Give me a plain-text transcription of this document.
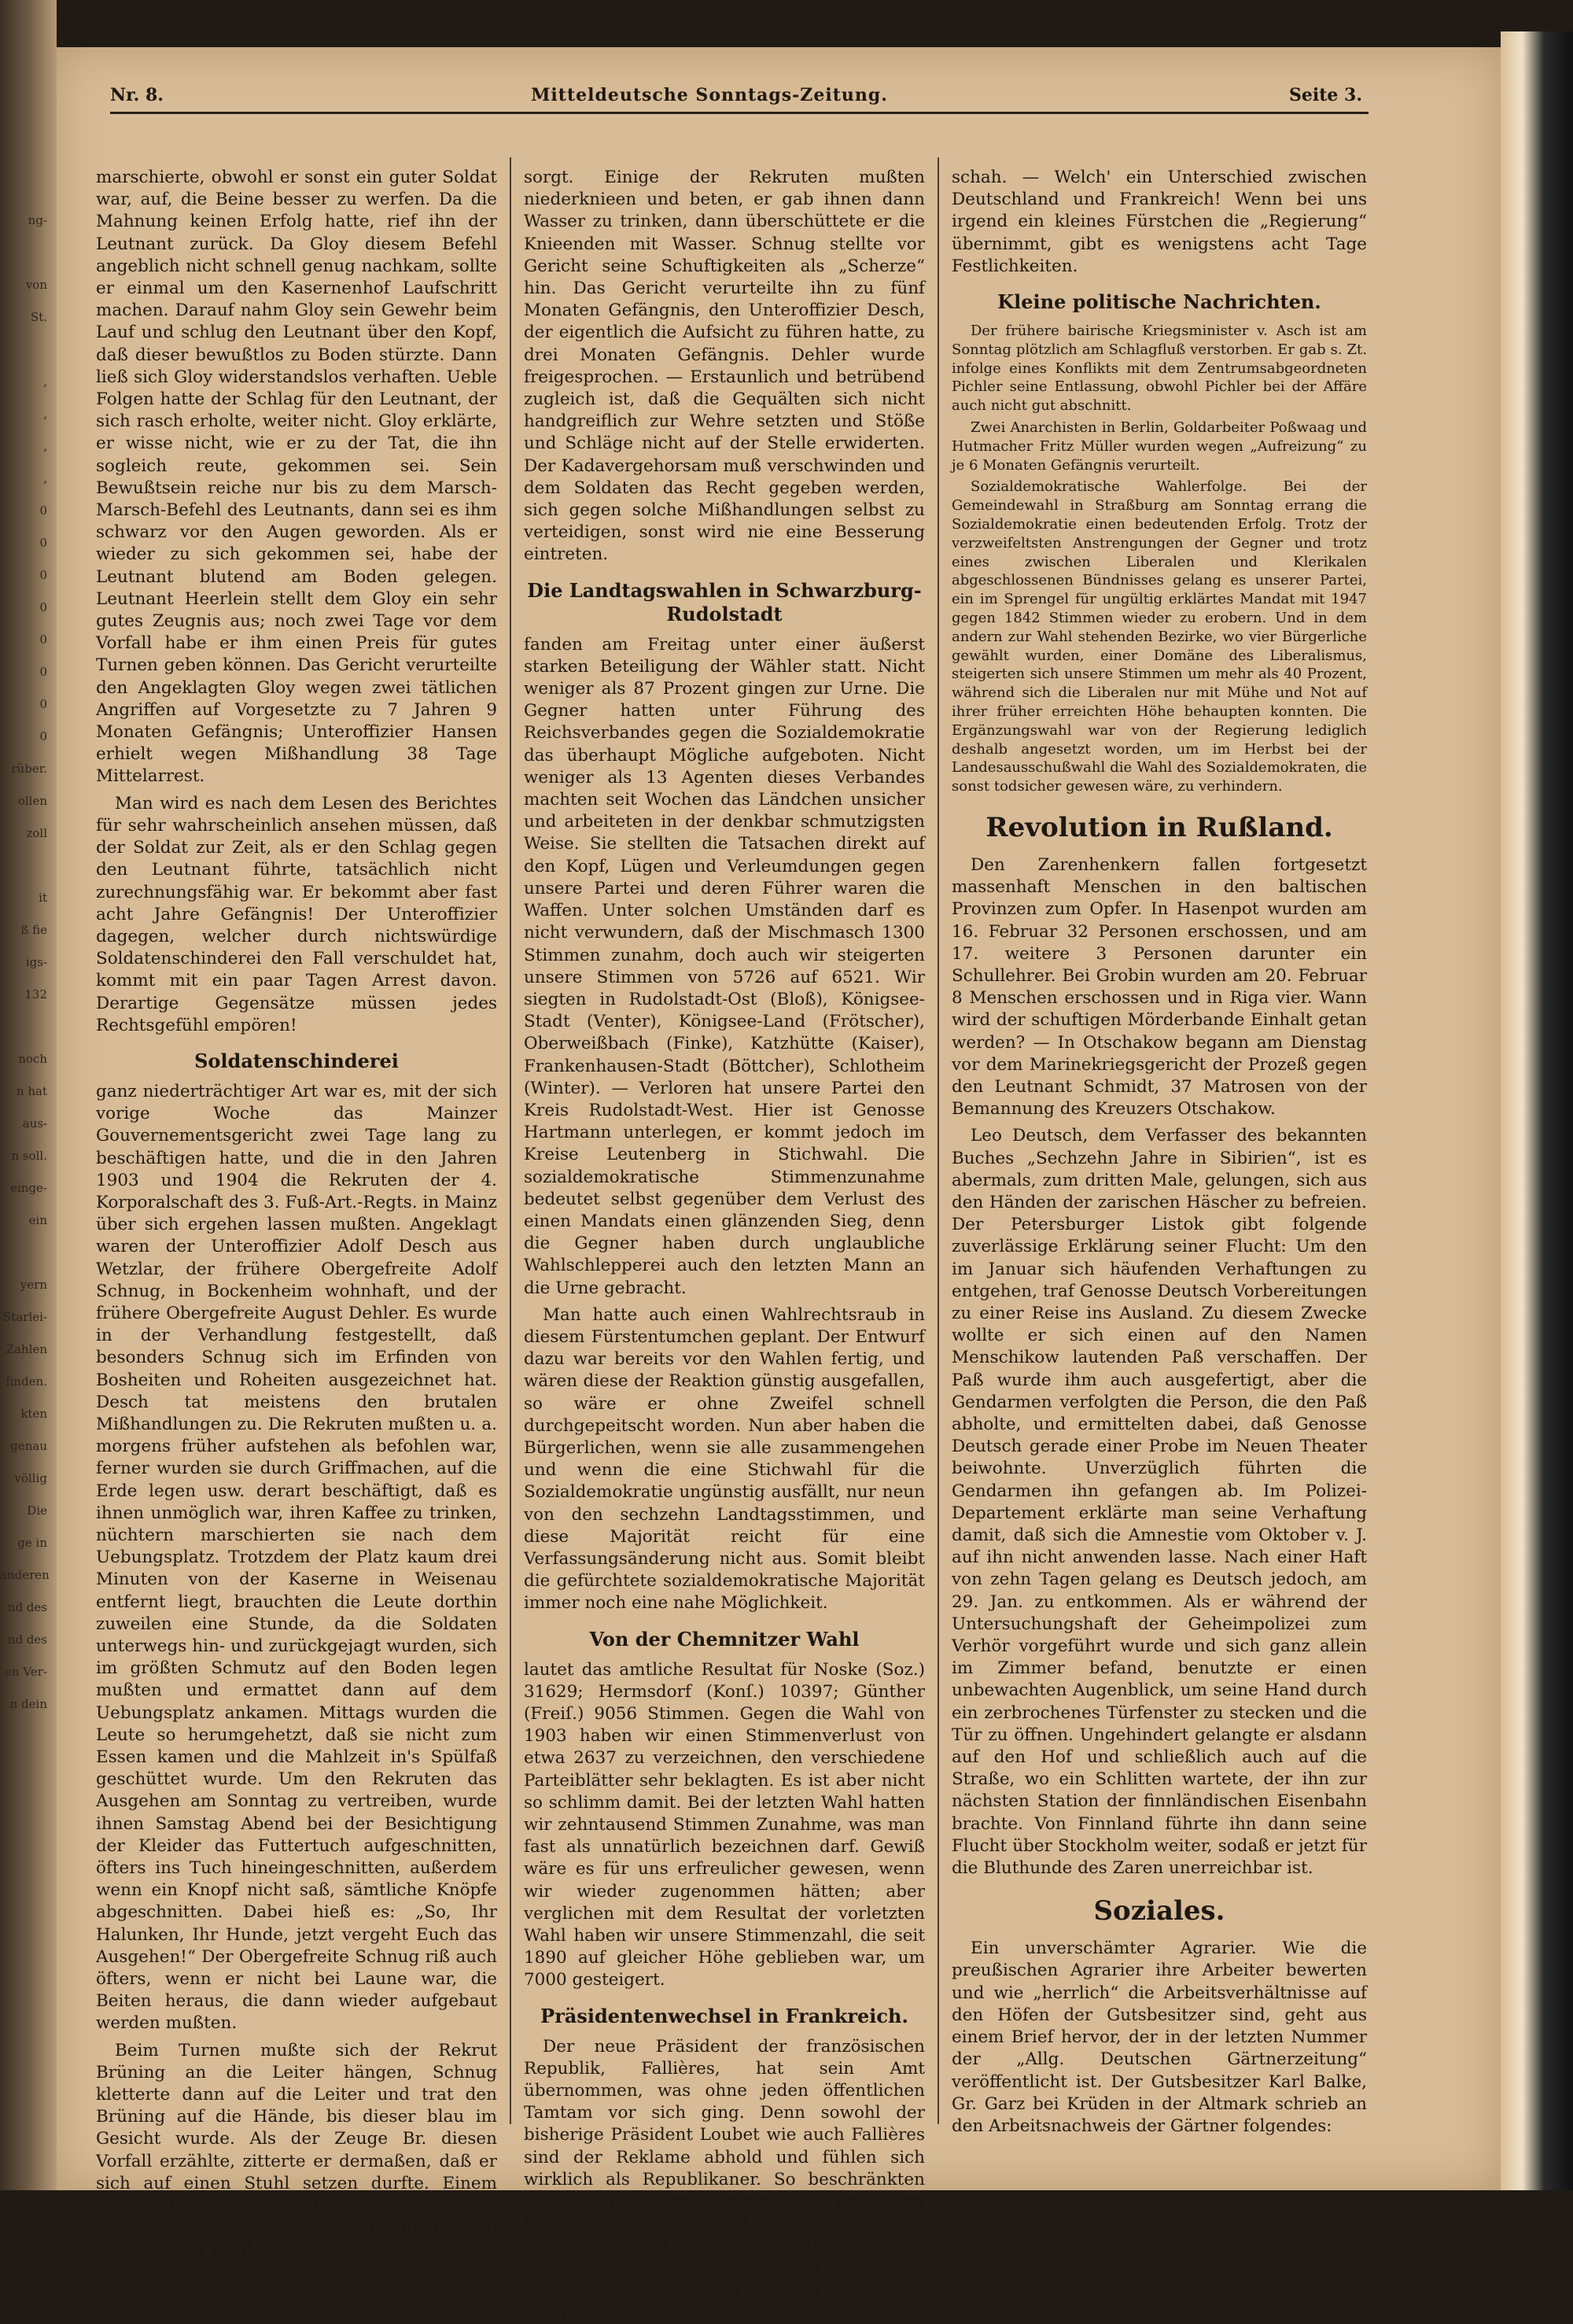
ng-

von
St.

,
,
,
,
0
0
0
0
0
0
0
0
rüber.
ollen
zoll

it
ß fie
igs-
132

noch
n hat
aus-
n soll.
einge-
ein

yern
Starlei-
Zahlen
finden.
kten
genau
völlig
Die
ge in
anderen
nd des
nd des
en Ver-
n dein
Nr. 8.	Mitteldeutsche Sonntags-Zeitung.	Seite 3.

marschierte, obwohl er sonst ein guter Soldat war, auf, die Beine besser zu werfen. Da die Mahnung keinen Erfolg hatte, rief ihn der Leutnant zurück. Da Gloy diesem Befehl angeblich nicht schnell genug nachkam, sollte er einmal um den Kasernenhof Laufschritt machen. Darauf nahm Gloy sein Gewehr beim Lauf und schlug den Leutnant über den Kopf, daß dieser bewußtlos zu Boden stürzte. Dann ließ sich Gloy widerstandslos verhaften. Ueble Folgen hatte der Schlag für den Leutnant, der sich rasch erholte, weiter nicht. Gloy erklärte, er wisse nicht, wie er zu der Tat, die ihn sogleich reute, gekommen sei. Sein Bewußtsein reiche nur bis zu dem Marsch-Marsch-Befehl des Leutnants, dann sei es ihm schwarz vor den Augen geworden. Als er wieder zu sich gekommen sei, habe der Leutnant blutend am Boden gelegen. Leutnant Heerlein stellt dem Gloy ein sehr gutes Zeugnis aus; noch zwei Tage vor dem Vorfall habe er ihm einen Preis für gutes Turnen geben können. Das Gericht verurteilte den Angeklagten Gloy wegen zwei tätlichen Angriffen auf Vorgesetzte zu 7 Jahren 9 Monaten Gefängnis; Unteroffizier Hansen erhielt wegen Mißhandlung 38 Tage Mittelarrest.

Man wird es nach dem Lesen des Berichtes für sehr wahrscheinlich ansehen müssen, daß der Soldat zur Zeit, als er den Schlag gegen den Leutnant führte, tatsächlich nicht zurechnungsfähig war. Er bekommt aber fast acht Jahre Gefängnis! Der Unteroffizier dagegen, welcher durch nichtswürdige Soldatenschinderei den Fall verschuldet hat, kommt mit ein paar Tagen Arrest davon. Derartige Gegensätze müssen jedes Rechtsgefühl empören!

Soldatenschinderei

ganz niederträchtiger Art war es, mit der sich vorige Woche das Mainzer Gouvernementsgericht zwei Tage lang zu beschäftigen hatte, und die in den Jahren 1903 und 1904 die Rekruten der 4. Korporalschaft des 3. Fuß-Art.-Regts. in Mainz über sich ergehen lassen mußten. Angeklagt waren der Unteroffizier Adolf Desch aus Wetzlar, der frühere Obergefreite Adolf Schnug, in Bockenheim wohnhaft, und der frühere Obergefreite August Dehler. Es wurde in der Verhandlung festgestellt, daß besonders Schnug sich im Erfinden von Bosheiten und Roheiten ausgezeichnet hat. Desch tat meistens den brutalen Mißhandlungen zu. Die Rekruten mußten u. a. morgens früher aufstehen als befohlen war, ferner wurden sie durch Griffmachen, auf die Erde legen usw. derart beschäftigt, daß es ihnen unmöglich war, ihren Kaffee zu trinken, nüchtern marschierten sie nach dem Uebungsplatz. Trotzdem der Platz kaum drei Minuten von der Kaserne in Weisenau entfernt liegt, brauchten die Leute dorthin zuweilen eine Stunde, da die Soldaten unterwegs hin- und zurückgejagt wurden, sich im größten Schmutz auf den Boden legen mußten und ermattet dann auf dem Uebungsplatz ankamen. Mittags wurden die Leute so herumgehetzt, daß sie nicht zum Essen kamen und die Mahlzeit in's Spülfaß geschüttet wurde. Um den Rekruten das Ausgehen am Sonntag zu vertreiben, wurde ihnen Samstag Abend bei der Besichtigung der Kleider das Futtertuch aufgeschnitten, öfters ins Tuch hineingeschnitten, außerdem wenn ein Knopf nicht saß, sämtliche Knöpfe abgeschnitten. Dabei hieß es: „So, Ihr Halunken, Ihr Hunde, jetzt vergeht Euch das Ausgehen!“ Der Obergefreite Schnug riß auch öfters, wenn er nicht bei Laune war, die Beiten heraus, die dann wieder aufgebaut werden mußten.

Beim Turnen mußte sich der Rekrut Brüning an die Leiter hängen, Schnug kletterte dann auf die Leiter und trat den Brüning auf die Hände, bis dieser blau im Gesicht wurde. Als der Zeuge Br. diesen Vorfall erzählte, zitterte er dermaßen, daß er sich auf einen Stuhl setzen durfte. Einem andern Rekruten zwang Schnug ein Stück Kautabak zu verzehren, so daß es ihm unwohl wurde. Auch für das Seelenheil der Leute war Schnug be-

sorgt. Einige der Rekruten mußten niederknieen und beten, er gab ihnen dann Wasser zu trinken, dann überschüttete er die Knieenden mit Wasser. Schnug stellte vor Gericht seine Schuftigkeiten als „Scherze“ hin. Das Gericht verurteilte ihn zu fünf Monaten Gefängnis, den Unteroffizier Desch, der eigentlich die Aufsicht zu führen hatte, zu drei Monaten Gefängnis. Dehler wurde freigesprochen. — Erstaunlich und betrübend zugleich ist, daß die Gequälten sich nicht handgreiflich zur Wehre setzten und Stöße und Schläge nicht auf der Stelle erwiderten. Der Kadavergehorsam muß verschwinden und dem Soldaten das Recht gegeben werden, sich gegen solche Mißhandlungen selbst zu verteidigen, sonst wird nie eine Besserung eintreten.

Die Landtagswahlen in Schwarzburg-Rudolstadt

fanden am Freitag unter einer äußerst starken Beteiligung der Wähler statt. Nicht weniger als 87 Prozent gingen zur Urne. Die Gegner hatten unter Führung des Reichsverbandes gegen die Sozialdemokratie das überhaupt Mögliche aufgeboten. Nicht weniger als 13 Agenten dieses Verbandes machten seit Wochen das Ländchen unsicher und arbeiteten in der denkbar schmutzigsten Weise. Sie stellten die Tatsachen direkt auf den Kopf, Lügen und Verleumdungen gegen unsere Partei und deren Führer waren die Waffen. Unter solchen Umständen darf es nicht verwundern, daß der Mischmasch 1300 Stimmen zunahm, doch auch wir steigerten unsere Stimmen von 5726 auf 6521. Wir siegten in Rudolstadt-Ost (Bloß), Königsee-Stadt (Venter), Königsee-Land (Frötscher), Oberweißbach (Finke), Katzhütte (Kaiser), Frankenhausen-Stadt (Böttcher), Schlotheim (Winter). — Verloren hat unsere Partei den Kreis Rudolstadt-West. Hier ist Genosse Hartmann unterlegen, er kommt jedoch im Kreise Leutenberg in Stichwahl. Die sozialdemokratische Stimmenzunahme bedeutet selbst gegenüber dem Verlust des einen Mandats einen glänzenden Sieg, denn die Gegner haben durch unglaubliche Wahlschlepperei auch den letzten Mann an die Urne gebracht.

Man hatte auch einen Wahlrechtsraub in diesem Fürstentumchen geplant. Der Entwurf dazu war bereits vor den Wahlen fertig, und wären diese der Reaktion günstig ausgefallen, so wäre er ohne Zweifel schnell durchgepeitscht worden. Nun aber haben die Bürgerlichen, wenn sie alle zusammengehen und wenn die eine Stichwahl für die Sozialdemokratie ungünstig ausfällt, nur neun von den sechzehn Landtagsstimmen, und diese Majorität reicht für eine Verfassungsänderung nicht aus. Somit bleibt die gefürchtete sozialdemokratische Majorität immer noch eine nahe Möglichkeit.

Von der Chemnitzer Wahl

lautet das amtliche Resultat für Noske (Soz.) 31629; Hermsdorf (Konſ.) 10397; Günther (Freiſ.) 9056 Stimmen. Gegen die Wahl von 1903 haben wir einen Stimmenverlust von etwa 2637 zu verzeichnen, den verschiedene Parteiblätter sehr beklagten. Es ist aber nicht so schlimm damit. Bei der letzten Wahl hatten wir zehntausend Stimmen Zunahme, was man fast als unnatürlich bezeichnen darf. Gewiß wäre es für uns erfreulicher gewesen, wenn wir wieder zugenommen hätten; aber verglichen mit dem Resultat der vorletzten Wahl haben wir unsere Stimmenzahl, die seit 1890 auf gleicher Höhe geblieben war, um 7000 gesteigert.

Präsidentenwechsel in Frankreich.

Der neue Präsident der französischen Republik, Fallières, hat sein Amt übernommen, was ohne jeden öffentlichen Tamtam vor sich ging. Denn sowohl der bisherige Präsident Loubet wie auch Fallières sind der Reklame abhold und fühlen sich wirklich als Republikaner. So beschränkten sie sich auf kurze Ansprachen. Der Form halber überreichte Ministerpräsident Rouvier den neuen Präsidenten das Entlassungsgesuch des Kabinetts. Fallières ersuchte die Minister im Amte zu verbleiben, was auch ge-

schah. — Welch' ein Unterschied zwischen Deutschland und Frankreich! Wenn bei uns irgend ein kleines Fürstchen die „Regierung“ übernimmt, gibt es wenigstens acht Tage Festlichkeiten.

Kleine politische Nachrichten.

Der frühere bairische Kriegsminister v. Asch ist am Sonntag plötzlich am Schlagfluß verstorben. Er gab s. Zt. infolge eines Konflikts mit dem Zentrumsabgeordneten Pichler seine Entlassung, obwohl Pichler bei der Affäre auch nicht gut abschnitt.

Zwei Anarchisten in Berlin, Goldarbeiter Poßwaag und Hutmacher Fritz Müller wurden wegen „Aufreizung“ zu je 6 Monaten Gefängnis verurteilt.

Sozialdemokratische Wahlerfolge. Bei der Gemeindewahl in Straßburg am Sonntag errang die Sozialdemokratie einen bedeutenden Erfolg. Trotz der verzweifeltsten Anstrengungen der Gegner und trotz eines zwischen Liberalen und Klerikalen abgeschlossenen Bündnisses gelang es unserer Partei, ein im Sprengel für ungültig erklärtes Mandat mit 1947 gegen 1842 Stimmen wieder zu erobern. Und in dem andern zur Wahl stehenden Bezirke, wo vier Bürgerliche gewählt wurden, einer Domäne des Liberalismus, steigerten sich unsere Stimmen um mehr als 40 Prozent, während sich die Liberalen nur mit Mühe und Not auf ihrer früher erreichten Höhe behaupten konnten. Die Ergänzungswahl war von der Regierung lediglich deshalb angesetzt worden, um im Herbst bei der Landesausschußwahl die Wahl des Sozialdemokraten, die sonst todsicher gewesen wäre, zu verhindern.

Revolution in Rußland.

Den Zarenhenkern fallen fortgesetzt massenhaft Menschen in den baltischen Provinzen zum Opfer. In Hasenpot wurden am 16. Februar 32 Personen erschossen, und am 17. weitere 3 Personen darunter ein Schullehrer. Bei Grobin wurden am 20. Februar 8 Menschen erschossen und in Riga vier. Wann wird der schuftigen Mörderbande Einhalt getan werden? — In Otschakow begann am Dienstag vor dem Marinekriegsgericht der Prozeß gegen den Leutnant Schmidt, 37 Matrosen von der Bemannung des Kreuzers Otschakow.

Leo Deutsch, dem Verfasser des bekannten Buches „Sechzehn Jahre in Sibirien“, ist es abermals, zum dritten Male, gelungen, sich aus den Händen der zarischen Häscher zu befreien. Der Petersburger Listok gibt folgende zuverlässige Erklärung seiner Flucht: Um den im Januar sich häufenden Verhaftungen zu entgehen, traf Genosse Deutsch Vorbereitungen zu einer Reise ins Ausland. Zu diesem Zwecke wollte er sich einen auf den Namen Menschikow lautenden Paß verschaffen. Der Paß wurde ihm auch ausgefertigt, aber die Gendarmen verfolgten die Person, die den Paß abholte, und ermittelten dabei, daß Genosse Deutsch gerade einer Probe im Neuen Theater beiwohnte. Unverzüglich führten die Gendarmen ihn gefangen ab. Im Polizei-Departement erklärte man seine Verhaftung damit, daß sich die Amnestie vom Oktober v. J. auf ihn nicht anwenden lasse. Nach einer Haft von zehn Tagen gelang es Deutsch jedoch, am 29. Jan. zu entkommen. Als er während der Untersuchungshaft der Geheimpolizei zum Verhör vorgeführt wurde und sich ganz allein im Zimmer befand, benutzte er einen unbewachten Augenblick, um seine Hand durch ein zerbrochenes Türfenster zu stecken und die Tür zu öffnen. Ungehindert gelangte er alsdann auf den Hof und schließlich auch auf die Straße, wo ein Schlitten wartete, der ihn zur nächsten Station der finnländischen Eisenbahn brachte. Von Finnland führte ihn dann seine Flucht über Stockholm weiter, sodaß er jetzt für die Bluthunde des Zaren unerreichbar ist.

Soziales.

Ein unverschämter Agrarier. Wie die preußischen Agrarier ihre Arbeiter bewerten und wie „herrlich“ die Arbeitsverhältnisse auf den Höfen der Gutsbesitzer sind, geht aus einem Brief hervor, der in der letzten Nummer der „Allg. Deutschen Gärtnerzeitung“ veröffentlicht ist. Der Gutsbesitzer Karl Balke, Gr. Garz bei Krüden in der Altmark schrieb an den Arbeitsnachweis der Gärtner folgendes:
